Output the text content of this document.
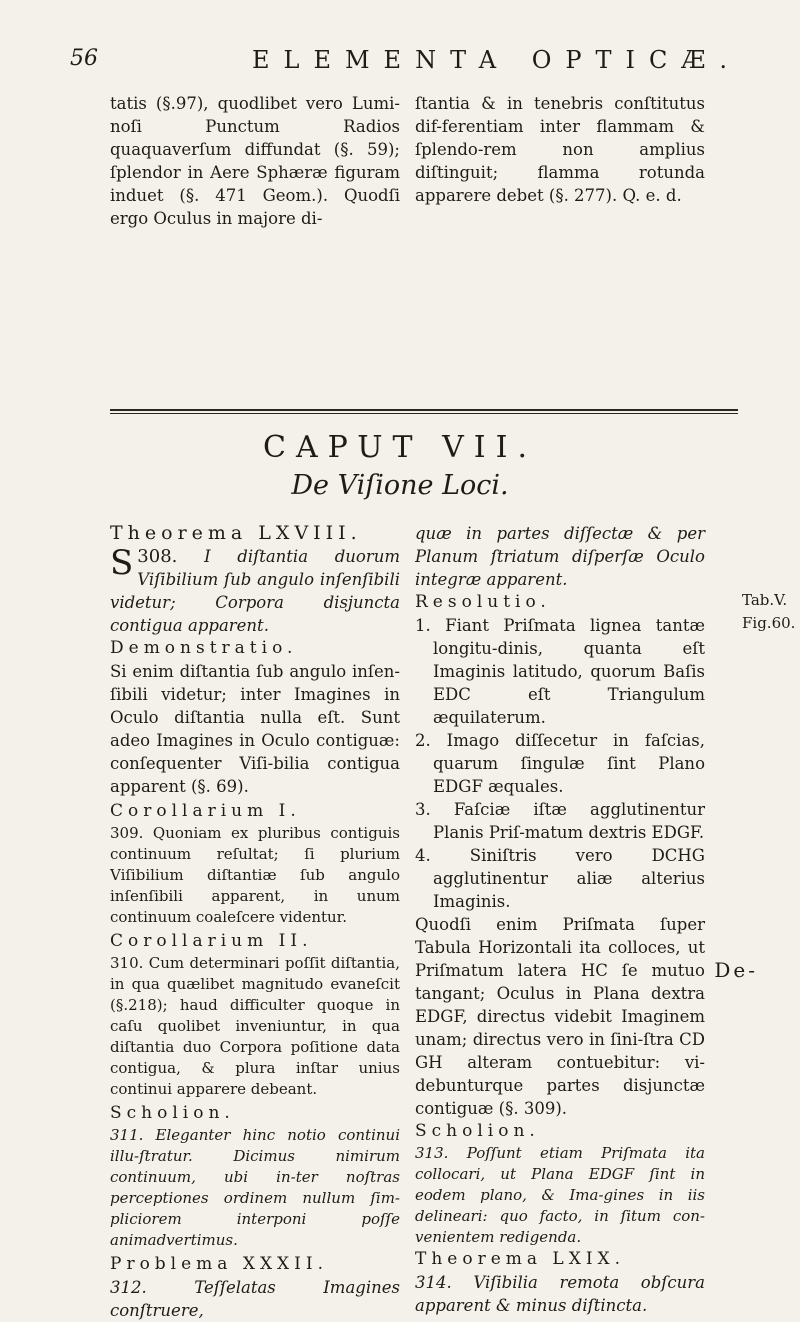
56	ELEMENTA OPTICÆ.

tatis (§.97), quodlibet vero Lumi-noſi Punctum Radios quaquaverſum diffundat (§. 59); ſplendor in Aere Sphæræ figuram induet (§. 471 Geom.). Quodſi ergo Oculus in majore di-

ſtantia & in tenebris conſtitutus dif-ferentiam inter flammam & ſplendo-rem non amplius diſtinguit; flamma rotunda apparere debet (§. 277). Q. e. d.

CAPUT VII.
De Viſione Loci.

Theorema LXVIII.

308.
S	I diſtantia duorum Viſibilium ſub angulo inſenſibili videtur; Corpora disjuncta contigua apparent.

Demonstratio.

Si enim diſtantia ſub angulo inſen-ſibili videtur; inter Imagines in Oculo diſtantia nulla eſt. Sunt adeo Imagines in Oculo contiguæ: conſequenter Viſi-bilia contigua apparent (§. 69).

Corollarium I.

309. Quoniam ex pluribus contiguis continuum reſultat; ſi plurium Viſibilium diſtantiæ ſub angulo inſenſibili apparent, in unum continuum coaleſcere videntur.

Corollarium II.

310. Cum determinari poſſit diſtantia, in qua quælibet magnitudo evaneſcit (§.218); haud difficulter quoque in caſu quolibet inveniuntur, in qua diſtantia duo Corpora poſitione data contigua, & plura inſtar unius continui apparere debeant.

Scholion.

311. Eleganter hinc notio continui illu-ſtratur. Dicimus nimirum continuum, ubi in-ter noſtras perceptiones ordinem nullum ſim-pliciorem interponi poſſe animadvertimus.

Problema XXXII.

312. Teſſelatas Imagines conſtruere,

quæ in partes diſſectæ & per Planum ſtriatum diſperſæ Oculo integræ apparent.

Resolutio.

1. Fiant Priſmata lignea tantæ longitu-dinis, quanta eſt Imaginis latitudo, quorum Baſis EDC eſt Triangulum æquilaterum.

2. Imago diſſecetur in faſcias, quarum ſingulæ ſint Plano EDGF æquales.

3. Faſciæ iſtæ agglutinentur Planis Priſ-matum dextris EDGF.

4. Siniſtris vero DCHG agglutinentur aliæ alterius Imaginis.

Quodſi enim Priſmata ſuper Tabula Horizontali ita colloces, ut Priſmatum latera HC ſe mutuo tangant; Oculus in Plana dextra EDGF, directus videbit Imaginem unam; directus vero in ſini-ſtra CD GH alteram contuebitur: vi-debunturque partes disjunctæ contiguæ (§. 309).

Scholion.

313. Poſſunt etiam Priſmata ita collocari, ut Plana EDGF ſint in eodem plano, & Ima-gines in iis delineari: quo facto, in ſitum con-venientem redigenda.

Theorema LXIX.

314. Viſibilia remota obſcura apparent & minus diſtincta.

Tab.V.
Fig.60.
De-
